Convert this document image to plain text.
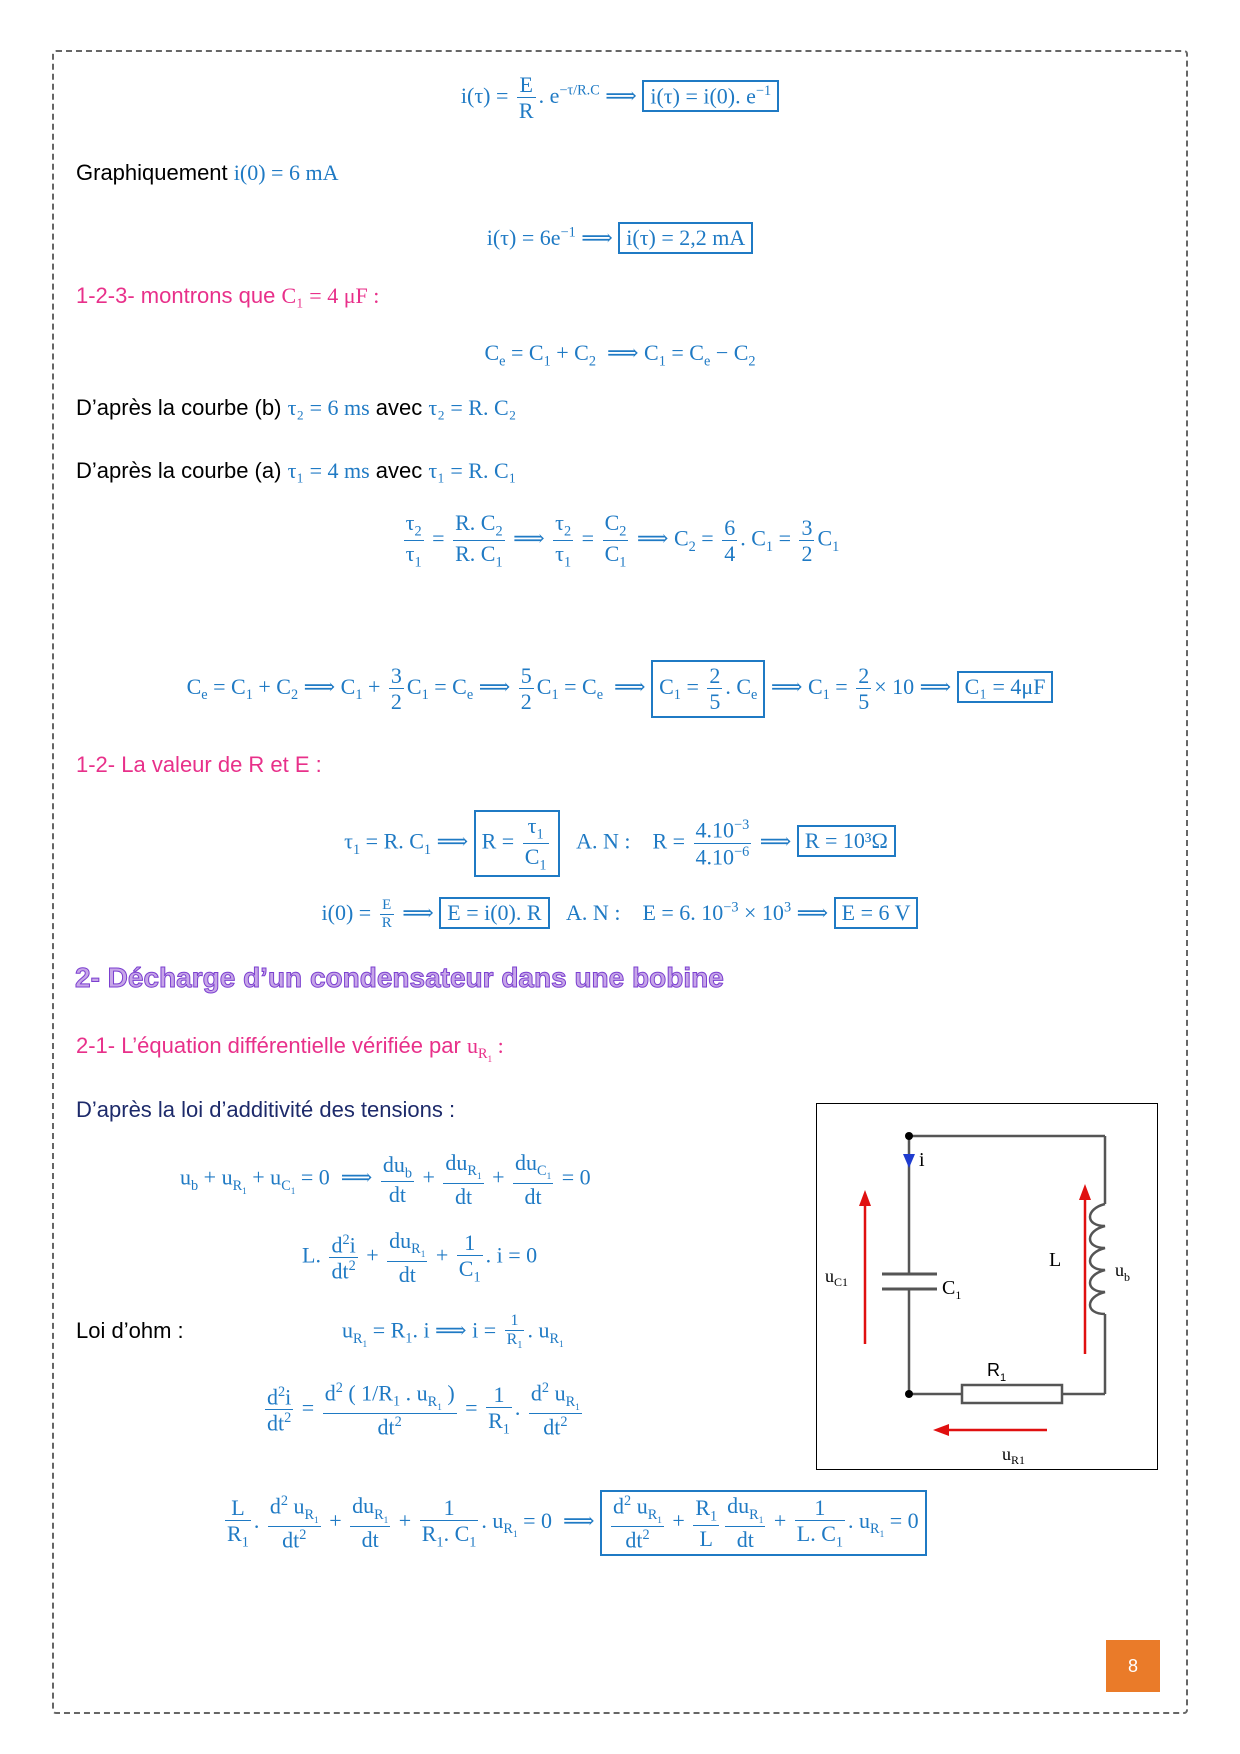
$i(\tau) = \frac{E}{R}$ . $e^{-\tau/R.C}$ ⟹ i(τ) = i(0). $e^{-1}$
Graphiquement i(0) = 6 mA
$i(\tau) = 6e^{-1}$ ⟹ i(τ) = 2,2 mA
1-2-3- montrons que C₁ = 4 μF :
$C_e = C_1 + C_2$  ⟹ $C_1 = C_e - C_2$
D’après la courbe (b) τ₂ = 6 ms avec τ₂ = R. C₂
D’après la courbe (a) τ₁ = 4 ms avec τ₁ = R. C₁
$\frac{\tau_2}{\tau_1} = \frac{R. C_2}{R. C_1}$ ⟹ $\frac{\tau_2}{\tau_1} = \frac{C_2}{C_1}$ ⟹ $C_2 = \frac{6}{4}$ . $C_1 = \frac{3}{2} C_1$
$C_e = C_1 + C_2$ ⟹ $C_1 + \frac{3}{2} C_1 = C_e$ ⟹ $\frac{5}{2} C_1 = C_e$  ⟹ $C_1 = \frac{2}{5}$ . $C_e$ ⟹ $C_1 = \frac{2}{5} \times 10$ ⟹ C₁ = 4μF
1-2- La valeur de R et E :
$\tau_1 = R$. $C_1$ ⟹ $R = \frac{\tau_1}{C_1} A$. N :    $R = \frac{4.10^{-3}}{4.10^{-6}}$ ⟹ R = 10³Ω
$i(0) = \frac{E}{R}$ ⟹ E = i(0). R A. N :    E = 6. $10^{-3} \times 10^3$ ⟹ E = 6 V
2- Décharge d’un condensateur dans une bobine
2-1- L’équation différentielle vérifiée par $u_{R_1}$ :
D’après la loi d’additivité des tensions :
$u_b + u_{R_1} + u_{C_1} = 0$  ⟹ $\frac{du_b}{dt} + \frac{du_{R_1}}{dt} + \frac{du_{C_1}}{dt} = 0$
L. $\frac{d^2i}{dt^2} + \frac{du_{R_1}}{dt} + \frac{1}{C_1}$ . i = 0
Loi d’ohm :	$u_{R_1} = R_1$. i ⟹ $i = \frac{1}{R_1}$ . $u_{R_1}$
$\frac{d^2i}{dt^2} = \frac{d^2 ( 1/R_1 . u_{R_1} )}{dt^2} = \frac{1}{R_1}$ . $\frac{d^2 u_{R_1}}{dt^2}$
$\frac{L}{R_1}$ . $\frac{d^2 u_{R_1}}{dt^2} + \frac{du_{R_1}}{dt} + \frac{1}{R_1. C_1}$ . $u_{R_1} = 0$  ⟹ $\frac{d^2 u_{R_1}}{dt^2} + \frac{R_1}{L} \frac{du_{R_1}}{dt} + \frac{1}{L. C_1}$ . $u_{R_1} = 0$
i
$C_1$
L
$R_1$
$u_{C1}$
$u_b$
$u_{R1}$
8
